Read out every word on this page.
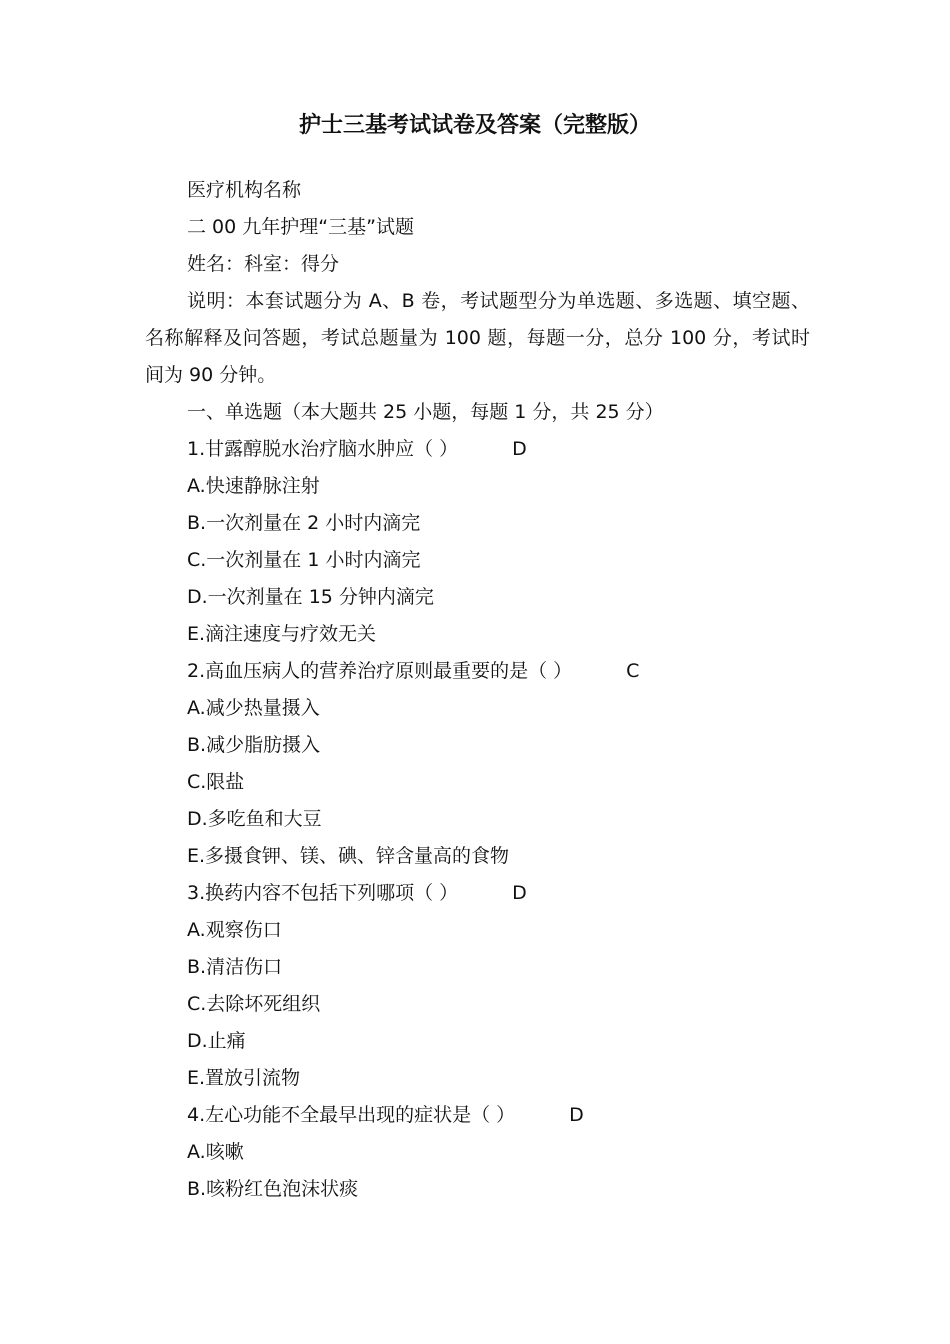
护士三基考试试卷及答案（完整版）

医疗机构名称

二 00 九年护理“三基”试题

姓名：科室：得分

说明：本套试题分为 A、B 卷，考试题型分为单选题、多选题、填空题、名称解释及问答题，考试总题量为 100 题，每题一分，总分 100 分，考试时间为 90 分钟。

一、单选题（本大题共 25 小题，每题 1 分，共 25 分）

1.甘露醇脱水治疗脑水肿应（ ）	D

A.快速静脉注射

B.一次剂量在 2 小时内滴完

C.一次剂量在 1 小时内滴完

D.一次剂量在 15 分钟内滴完

E.滴注速度与疗效无关

2.高血压病人的营养治疗原则最重要的是（ ）	C

A.减少热量摄入

B.减少脂肪摄入

C.限盐

D.多吃鱼和大豆

E.多摄食钾、镁、碘、锌含量高的食物

3.换药内容不包括下列哪项（ ）	D

A.观察伤口

B.清洁伤口

C.去除坏死组织

D.止痛

E.置放引流物

4.左心功能不全最早出现的症状是（ ）	D

A.咳嗽

B.咳粉红色泡沫状痰
